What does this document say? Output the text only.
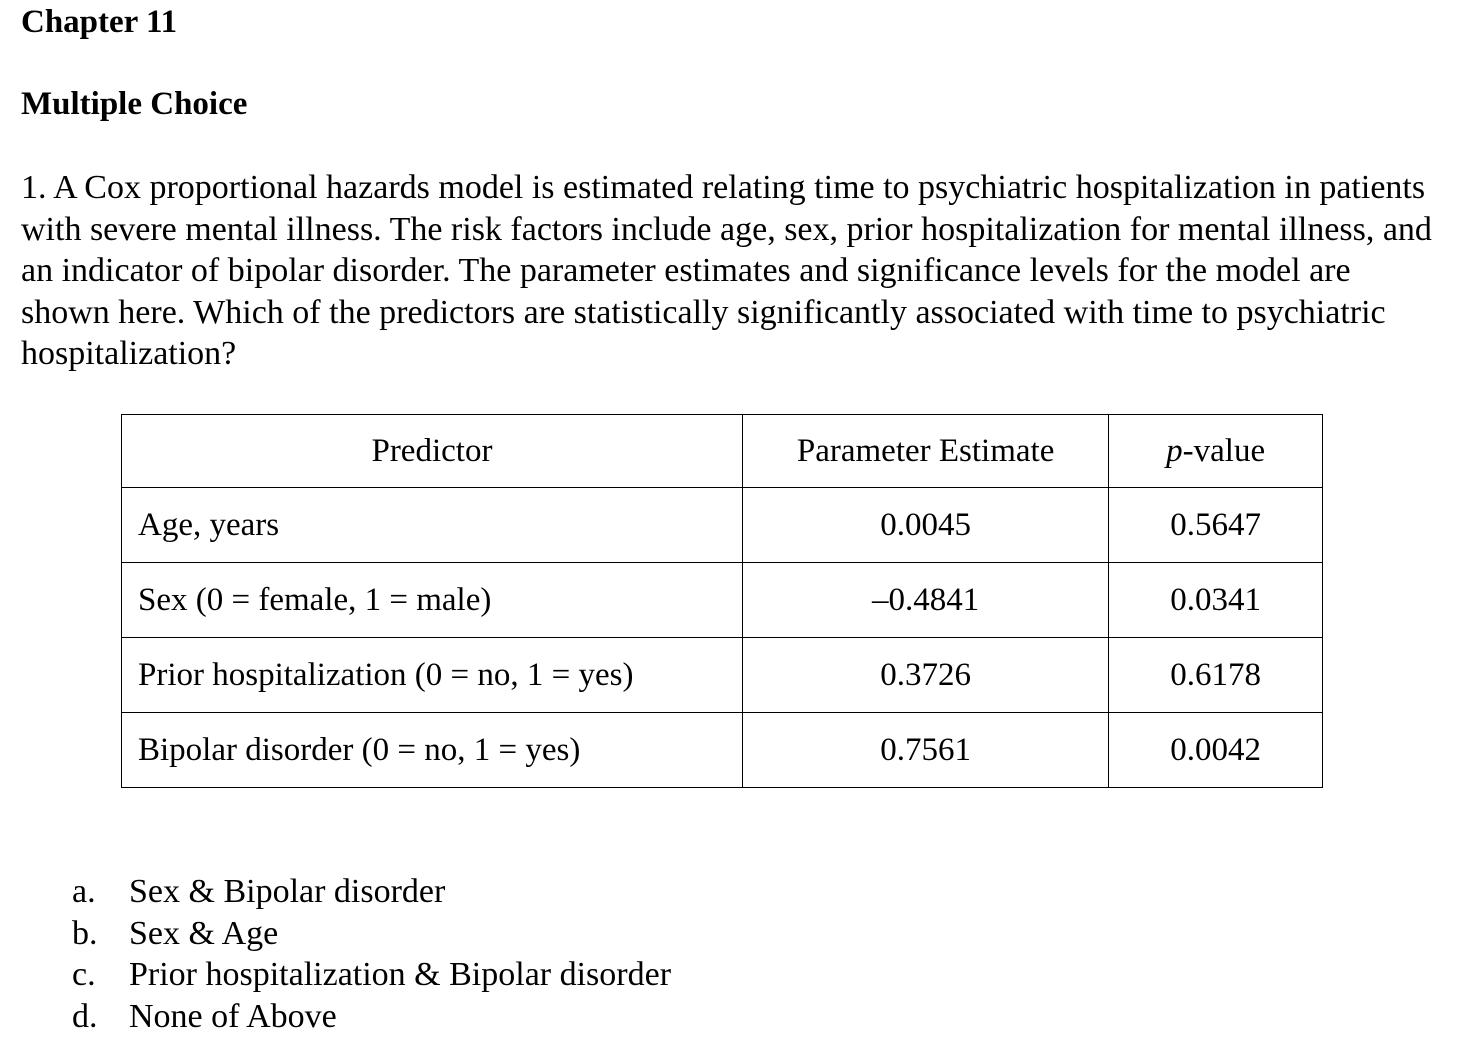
Chapter 11
Multiple Choice

1. A Cox proportional hazards model is estimated relating time to psychiatric hospitalization in patients with severe mental illness. The risk factors include age, sex, prior hospitalization for mental illness, and an indicator of bipolar disorder. The parameter estimates and significance levels for the model are shown here. Which of the predictors are statistically significantly associated with time to psychiatric hospitalization?

Predictor	Parameter Estimate	p-value
Age, years	0.0045	0.5647
Sex (0 = female, 1 = male)	–0.4841	0.0341
Prior hospitalization (0 = no, 1 = yes)	0.3726	0.6178
Bipolar disorder (0 = no, 1 = yes)	0.7561	0.0042
a. Sex & Bipolar disorder
b. Sex & Age
c. Prior hospitalization & Bipolar disorder
d. None of Above
